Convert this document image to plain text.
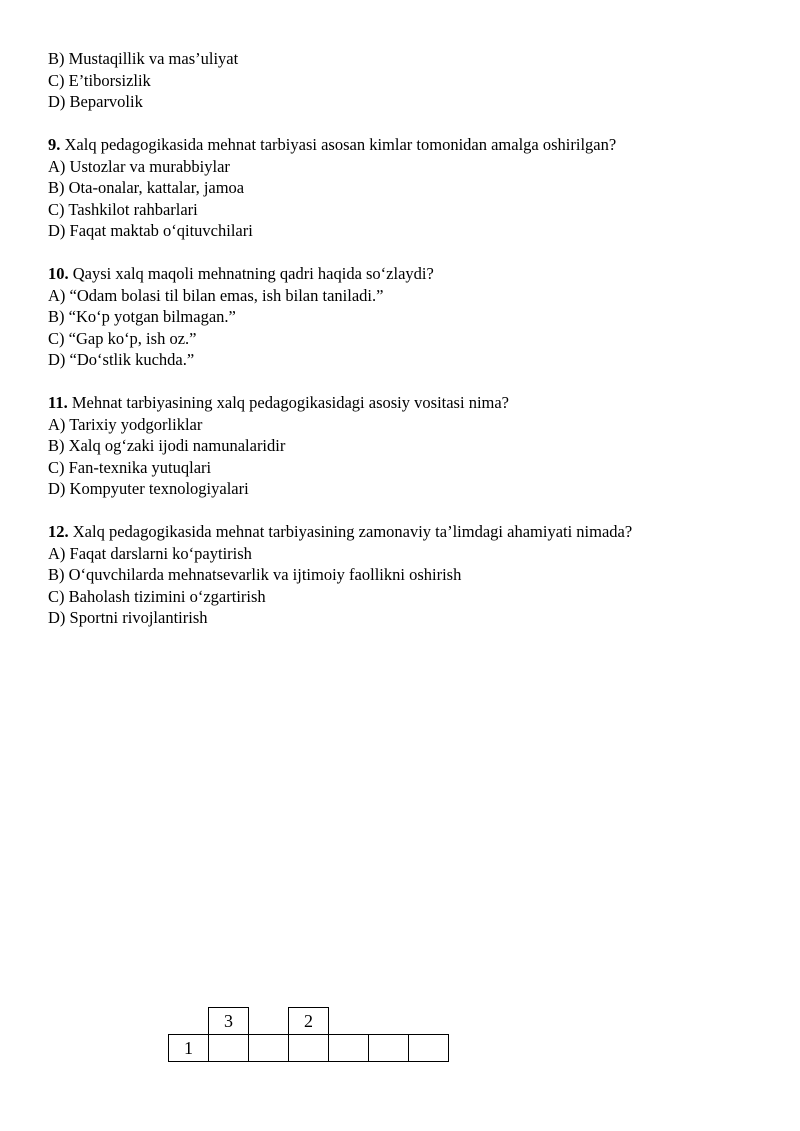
B) Mustaqillik va mas’uliyat

C) E’tiborsizlik

D) Beparvolik

9. Xalq pedagogikasida mehnat tarbiyasi asosan kimlar tomonidan amalga oshirilgan?

A) Ustozlar va murabbiylar

B) Ota-onalar, kattalar, jamoa

C) Tashkilot rahbarlari

D) Faqat maktab o‘qituvchilari

10. Qaysi xalq maqoli mehnatning qadri haqida so‘zlaydi?

A) “Odam bolasi til bilan emas, ish bilan taniladi.”

B) “Ko‘p yotgan bilmagan.”

C) “Gap ko‘p, ish oz.”

D) “Do‘stlik kuchda.”

11. Mehnat tarbiyasining xalq pedagogikasidagi asosiy vositasi nima?

A) Tarixiy yodgorliklar

B) Xalq og‘zaki ijodi namunalaridir

C) Fan-texnika yutuqlari

D) Kompyuter texnologiyalari

12. Xalq pedagogikasida mehnat tarbiyasining zamonaviy ta’limdagi ahamiyati nimada?

A) Faqat darslarni ko‘paytirish

B) O‘quvchilarda mehnatsevarlik va ijtimoiy faollikni oshirish

C) Baholash tizimini o‘zgartirish

D) Sportni rivojlantirish

3	2
1
